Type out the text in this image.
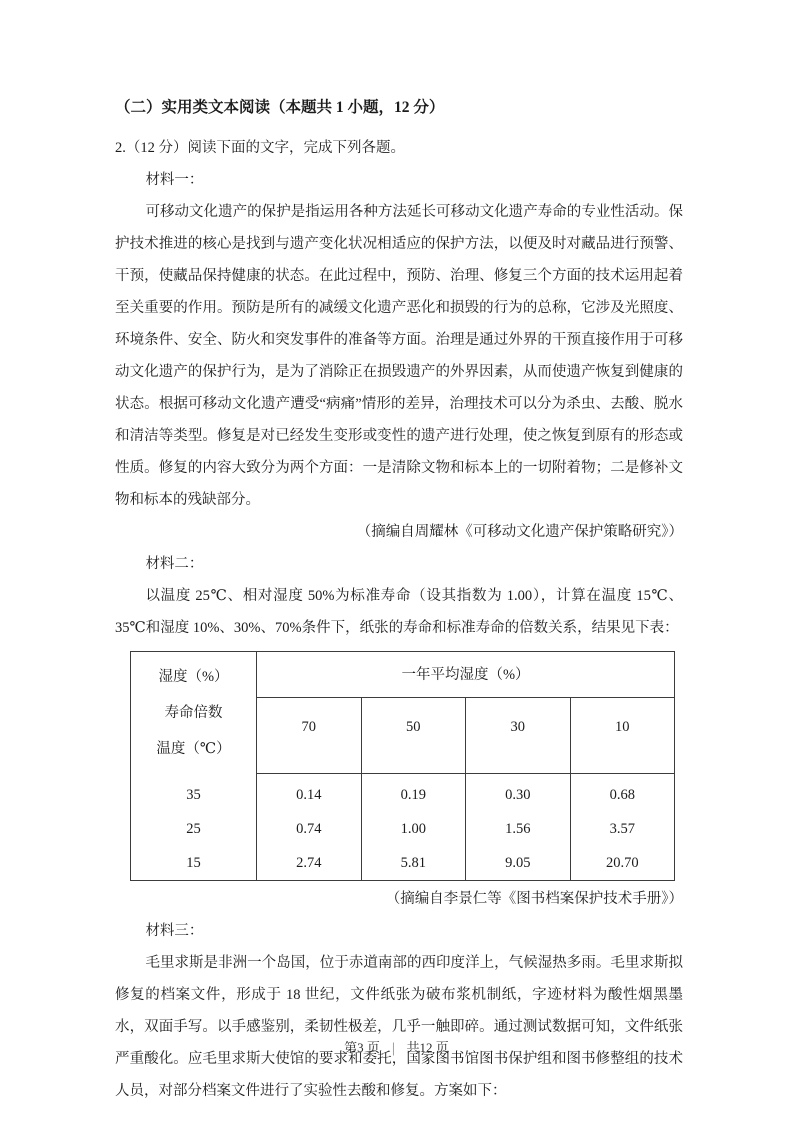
（二）实用类文本阅读（本题共 1 小题，12 分）
2.（12 分）阅读下面的文字，完成下列各题。
材料一：
可移动文化遗产的保护是指运用各种方法延长可移动文化遗产寿命的专业性活动。保护技术推进的核心是找到与遗产变化状况相适应的保护方法，以便及时对藏品进行预警、干预，使藏品保持健康的状态。在此过程中，预防、治理、修复三个方面的技术运用起着至关重要的作用。预防是所有的减缓文化遗产恶化和损毁的行为的总称，它涉及光照度、环境条件、安全、防火和突发事件的准备等方面。治理是通过外界的干预直接作用于可移动文化遗产的保护行为，是为了消除正在损毁遗产的外界因素，从而使遗产恢复到健康的状态。根据可移动文化遗产遭受“病痛”情形的差异，治理技术可以分为杀虫、去酸、脱水和清洁等类型。修复是对已经发生变形或变性的遗产进行处理，使之恢复到原有的形态或性质。修复的内容大致分为两个方面：一是清除文物和标本上的一切附着物；二是修补文物和标本的残缺部分。
（摘编自周耀林《可移动文化遗产保护策略研究》）
材料二：
以温度 25℃、相对湿度 50%为标准寿命（设其指数为 1.00），计算在温度 15℃、35℃和湿度 10%、30%、70%条件下，纸张的寿命和标准寿命的倍数关系，结果见下表：
湿度（%）
寿命倍数
温度（℃）	一年平均湿度（%）			
	70	50	30	10
35	0.14	0.19	0.30	0.68
25	0.74	1.00	1.56	3.57
15	2.74	5.81	9.05	20.70
（摘编自李景仁等《图书档案保护技术手册》）
材料三：
毛里求斯是非洲一个岛国，位于赤道南部的西印度洋上，气候湿热多雨。毛里求斯拟修复的档案文件，形成于 18 世纪，文件纸张为破布浆机制纸，字迹材料为酸性烟黑墨水，双面手写。以手感鉴别，柔韧性极差，几乎一触即碎。通过测试数据可知，文件纸张严重酸化。应毛里求斯大使馆的要求和委托，国家图书馆图书保护组和图书修整组的技术人员，对部分档案文件进行了实验性去酸和修复。方案如下：
第3 页 | 共12 页
